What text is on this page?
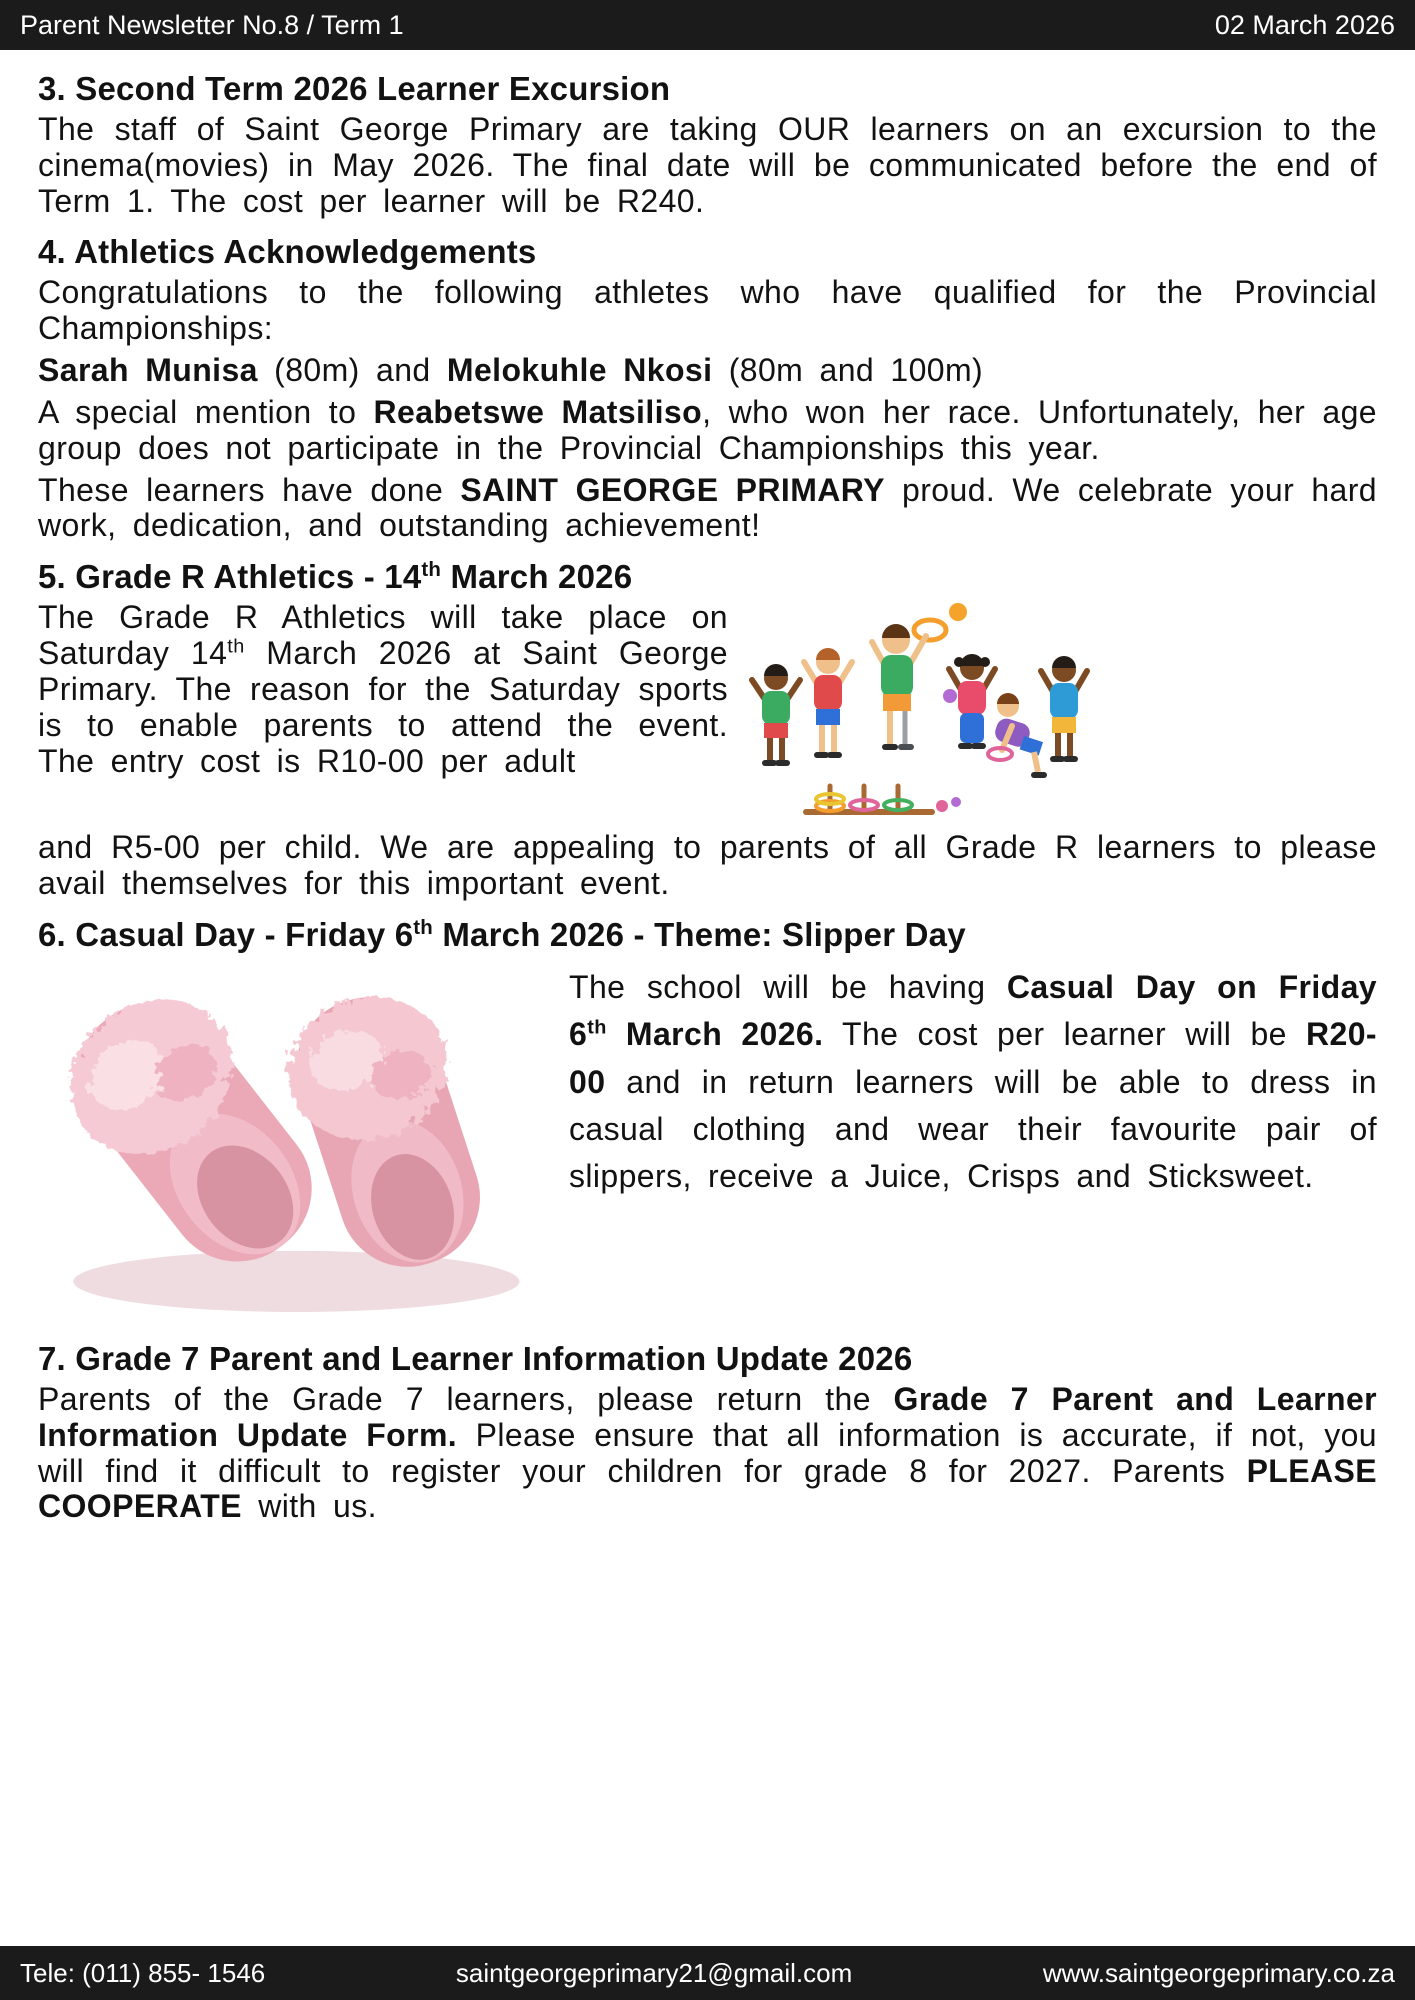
Parent Newsletter No.8 / Term 1	02 March 2026
3. Second Term 2026 Learner Excursion

The staff of Saint George Primary are taking OUR learners on an excursion to the cinema(movies) in May 2026. The final date will be communicated before the end of Term 1. The cost per learner will be R240.

4. Athletics Acknowledgements

Congratulations to the following athletes who have qualified for the Provincial Championships:

Sarah Munisa (80m) and Melokuhle Nkosi (80m and 100m)

A special mention to Reabetswe Matsiliso, who won her race. Unfortunately, her age group does not participate in the Provincial Championships this year.

These learners have done SAINT GEORGE PRIMARY proud. We celebrate your hard work, dedication, and outstanding achievement!

5. Grade R Athletics - 14th March 2026

The Grade R Athletics will take place on Saturday 14th March 2026 at Saint George Primary. The reason for the Saturday sports is to enable parents to attend the event. The entry cost is R10-00 per adult

and R5-00 per child. We are appealing to parents of all Grade R learners to please avail themselves for this important event.

6. Casual Day - Friday 6th March 2026 - Theme: Slipper Day

The school will be having Casual Day on Friday 6th March 2026. The cost per learner will be R20-00 and in return learners will be able to dress in casual clothing and wear their favourite pair of slippers, receive a Juice, Crisps and Sticksweet.

7. Grade 7 Parent and Learner Information Update 2026

Parents of the Grade 7 learners, please return the Grade 7 Parent and Learner Information Update Form. Please ensure that all information is accurate, if not, you will find it difficult to register your children for grade 8 for 2027. Parents PLEASE COOPERATE with us.

Tele: (011) 855- 1546	saintgeorgeprimary21@gmail.com	www.saintgeorgeprimary.co.za
